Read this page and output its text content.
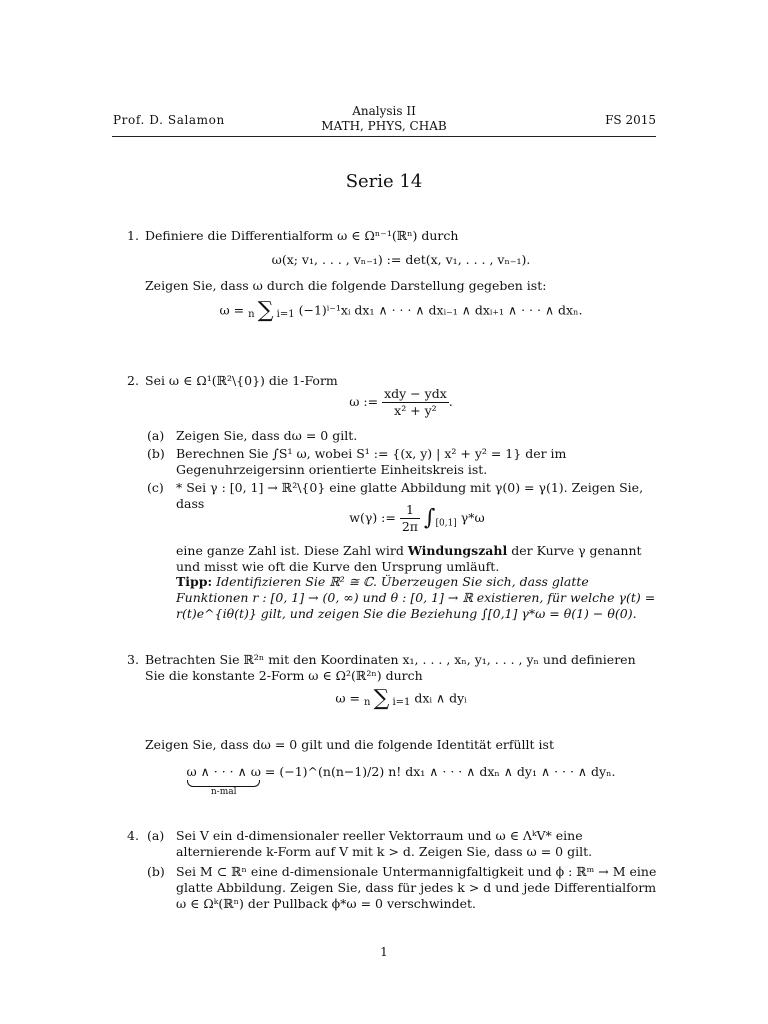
Prof. D. Salamon
Analysis II
MATH, PHYS, CHAB	FS 2015
Serie 14
1. Definiere die Differentialform ω ∈ Ωⁿ⁻¹(ℝⁿ) durch
ω(x; v₁, . . . , vₙ₋₁) := det(x, v₁, . . . , vₙ₋₁).
Zeigen Sie, dass ω durch die folgende Darstellung gegeben ist:
ω = n ∑ i=1 (−1)ⁱ⁻¹xᵢ dx₁ ∧ · · · ∧ dxᵢ₋₁ ∧ dxᵢ₊₁ ∧ · · · ∧ dxₙ.
2. Sei ω ∈ Ω¹(ℝ²\{0}) die 1-Form
ω := $\frac{\text{xdy − ydx}}{\text{x² + y²}}$ .
(a) Zeigen Sie, dass dω = 0 gilt.
(b) Berechnen Sie ∫S¹ ω, wobei S¹ := {(x, y) | x² + y² = 1} der im Gegenuhrzeigersinn orientierte Einheitskreis ist.
(c) * Sei γ : [0, 1] → ℝ²\{0} eine glatte Abbildung mit γ(0) = γ(1). Zeigen Sie, dass
w(γ) := $\frac{1}{2\pi} \int_{[0,1]}$ γ*ω
eine ganze Zahl ist. Diese Zahl wird Windungszahl der Kurve γ genannt und misst wie oft die Kurve den Ursprung umläuft.
Tipp: Identifizieren Sie ℝ² ≅ ℂ. Überzeugen Sie sich, dass glatte Funktionen r : [0, 1] → (0, ∞) und θ : [0, 1] → ℝ existieren, für welche γ(t) = r(t)e^{iθ(t)} gilt, und zeigen Sie die Beziehung ∫[0,1] γ*ω = θ(1) − θ(0).
3. Betrachten Sie ℝ²ⁿ mit den Koordinaten x₁, . . . , xₙ, y₁, . . . , yₙ und definieren Sie die konstante 2-Form ω ∈ Ω²(ℝ²ⁿ) durch
ω = n ∑ i=1 dxᵢ ∧ dyᵢ
Zeigen Sie, dass dω = 0 gilt und die folgende Identität erfüllt ist
ω ∧ · · · ∧ ω
n-mal
= (−1)^(n(n−1)/2) n! dx₁ ∧ · · · ∧ dxₙ ∧ dy₁ ∧ · · · ∧ dyₙ.
4. (a) Sei V ein d-dimensionaler reeller Vektorraum und ω ∈ ΛᵏV* eine alternierende k-Form auf V mit k > d. Zeigen Sie, dass ω = 0 gilt.
(b) Sei M ⊂ ℝⁿ eine d-dimensionale Untermannigfaltigkeit und ϕ : ℝᵐ → M eine glatte Abbildung. Zeigen Sie, dass für jedes k > d und jede Differentialform ω ∈ Ωᵏ(ℝⁿ) der Pullback ϕ*ω = 0 verschwindet.
1
